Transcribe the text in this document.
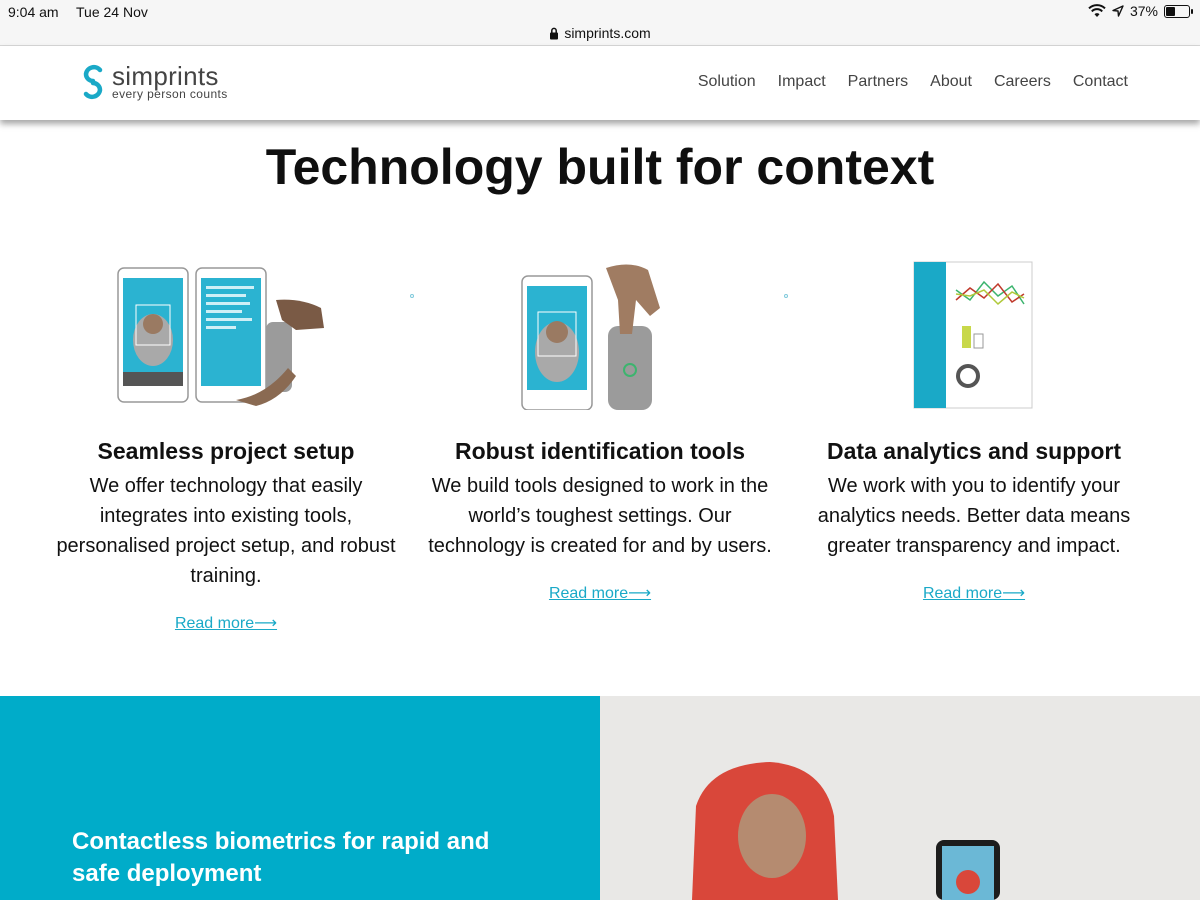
9:04 am Tue 24 Nov	37%
simprints.com
simprints
every person counts
Solution Impact Partners About Careers Contact
Technology built for context
Seamless project setup

We offer technology that easily integrates into existing tools, personalised project setup, and robust training.

Read more⟶
Robust identification tools

We build tools designed to work in the world’s toughest settings. Our technology is created for and by users.

Read more⟶
Data analytics and support

We work with you to identify your analytics needs. Better data means greater transparency and impact.

Read more⟶
Contactless biometrics for rapid and safe deployment
